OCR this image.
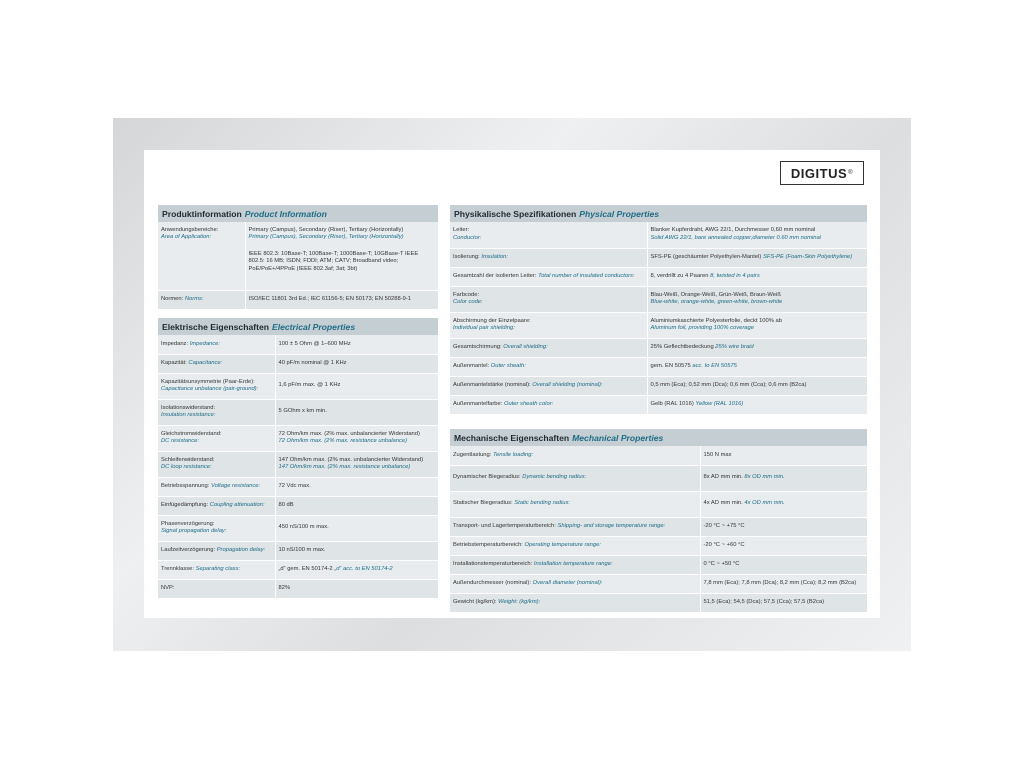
DIGITUS ®
Produktinformation Product Information
Anwendungsbereiche:
Area of Application:	Primary (Campus), Secondary (Riser), Tertiary (Horizontally)
Primary (Campus), Secondary (Riser), Tertiary (Horizontally)
IEEE 802.3: 10Base-T; 100Base-T; 1000Base-T; 10GBase-T IEEE 802.5: 16 MB; ISDN; FDDI; ATM; CATV; Broadband video; PoE/PoE+/4PPoE (IEEE 802.3af; 3at; 3bt)
Normen: Norms:	ISO/IEC 11801 3rd Ed.; IEC 61156-5; EN 50173; EN 50288-9-1
Elektrische Eigenschaften Electrical Properties
Impedanz: Impedance:	100 ± 5 Ohm @ 1–600 MHz
Kapazität: Capacitance:	40 pF/m nominal @ 1 KHz
Kapazitätsunsymmetrie (Paar-Erde):
Capacitance unbalance (pair-ground):	1,6 pF/m max. @ 1 KHz
Isolationswiderstand:
Insulation resistance:	5 GOhm x km min.
Gleichstromwiderstand:
DC resistance:	72 Ohm/km max. (2% max. unbalancierter Widerstand)
72 Ohm/km max. (2% max. resistance unbalance)

Schleifenwiderstand:
DC loop resistance:	147 Ohm/km max. (2% max. unbalancierter Widerstand)
147 Ohm/km max. (2% max. resistance unbalance)

Betriebsspannung: Voltage resistance:	72 Vdc max.
Einfügedämpfung: Coupling attenuation:	80 dB
Phasenverzögerung:
Signal propagation delay:	450 nS/100 m max.
Laufzeitverzögerung: Propagation delay:	10 nS/100 m max.
Trennklasse: Separating class:	„d“ gem. EN 50174-2 „d“ acc. to EN 50174-2
NVP:	82%
Physikalische Spezifikationen Physical Properties
Leiter:
Conductor:	Blanker Kupferdraht, AWG 22/1, Durchmesser 0,60 mm nominal
Solid AWG 22/1, bare annealed copper,diameter 0.60 mm nominal

Isolierung: Insulation:	SFS-PE (geschäumter Polyethylen-Mantel) SFS-PE (Foam-Skin Polyethylene)
Gesamtzahl der isolierten Leiter: Total number of insulated conductors:	8, verdrillt zu 4 Paaren 8, twisted in 4 pairs
Farbcode:
Color code:	Blau-Weiß, Orange-Weiß, Grün-Weiß, Braun-Weiß
Blue-white, orange-white, green-white, brown-white

Abschirmung der Einzelpaare:
Individual pair shielding:	Aluminiumkaschierte Polyesterfolie, deckt 100% ab
Aluminum foil, providing 100% coverage

Gesamtschirmung: Overall shielding:	25% Geflechtbedeckung 25% wire braid
Außenmantel: Outer sheath:	gem. EN 50575 acc. to EN 50575
Außenmantelstärke (nominal): Overall shielding (nominal):	0,5 mm (Eca); 0,52 mm (Dca); 0,6 mm (Cca); 0,6 mm (B2ca)
Außenmantelfarbe: Outer sheath color:	Gelb (RAL 1016) Yellow (RAL 1016)
Mechanische Eigenschaften Mechanical Properties
Zugentlastung: Tensile loading:	150 N max
Dynamischer Biegeradius: Dynamic bending radius:	8x AD mm min. 8x OD mm min.
Statischer Biegeradius: Static bending radius:	4x AD mm min. 4x OD mm min.
Transport- und Lagertemperaturbereich: Shipping- and storage temperature range:	-20 °C ~ +75 °C
Betriebstemperaturbereich: Operating temperature range:	-20 °C ~ +60 °C
Installationstemperaturbereich: Installation temperature range:	0 °C ~ +50 °C
Außendurchmesser (nominal): Overall diameter (nominal):	7,8 mm (Eca); 7,8 mm (Dca); 8,2 mm (Cca); 8,2 mm (B2ca)
Gewicht (kg/km): Weight: (kg/km):	51,5 (Eca); 54,5 (Dca); 57,5 (Cca); 57,5 (B2ca)
